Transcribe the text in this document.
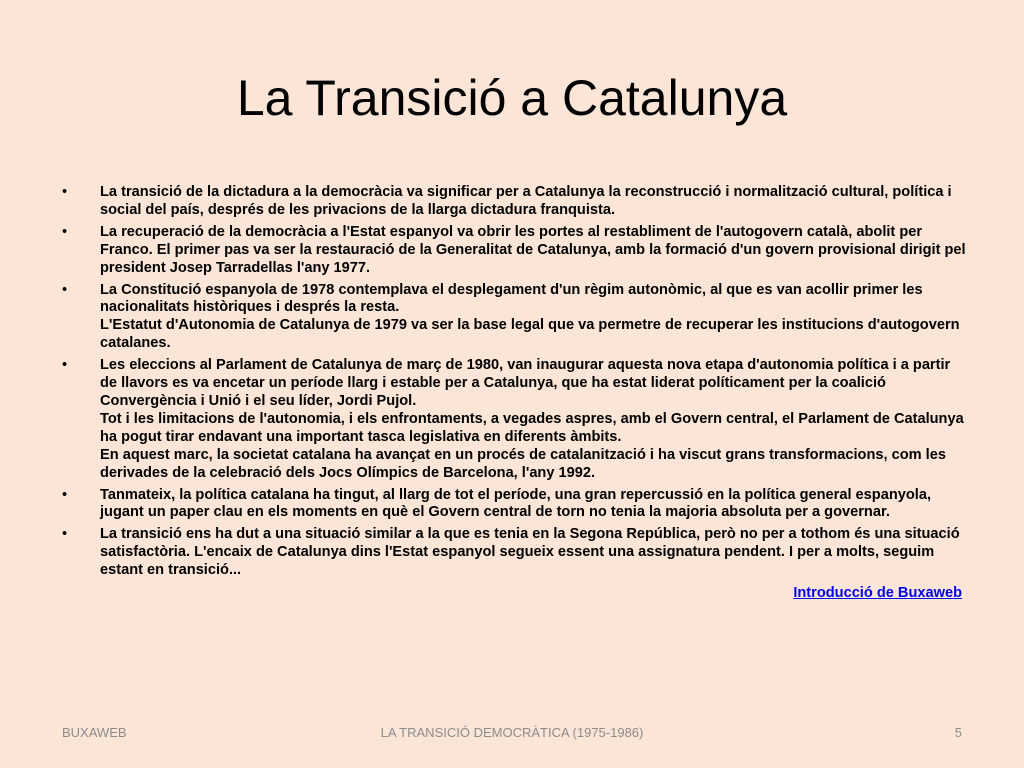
La Transició a Catalunya
• La transició de la dictadura a la democràcia va significar per a Catalunya la reconstrucció i normalització cultural, política i social del país, després de les privacions de la llarga dictadura franquista.
• La recuperació de la democràcia a l'Estat espanyol va obrir les portes al restabliment de l'autogovern català, abolit per Franco. El primer pas va ser la restauració de la Generalitat de Catalunya, amb la formació d'un govern provisional dirigit pel president Josep Tarradellas l'any 1977.
• La Constitució espanyola de 1978 contemplava el desplegament d'un règim autonòmic, al que es van acollir primer les nacionalitats històriques i després la resta.
L'Estatut d'Autonomia de Catalunya de 1979 va ser la base legal que va permetre de recuperar les institucions d'autogovern catalanes.
• Les eleccions al Parlament de Catalunya de març de 1980, van inaugurar aquesta nova etapa d'autonomia política i a partir de llavors es va encetar un període llarg i estable per a Catalunya, que ha estat liderat políticament per la coalició Convergència i Unió i el seu líder, Jordi Pujol.
Tot i les limitacions de l'autonomia, i els enfrontaments, a vegades aspres, amb el Govern central, el Parlament de Catalunya ha pogut tirar endavant una important tasca legislativa en diferents àmbits.
En aquest marc, la societat catalana ha avançat en un procés de catalanització i ha viscut grans transformacions, com les derivades de la celebració dels Jocs Olímpics de Barcelona, l'any 1992.
• Tanmateix, la política catalana ha tingut, al llarg de tot el període, una gran repercussió en la política general espanyola, jugant un paper clau en els moments en què el Govern central de torn no tenia la majoria absoluta per a governar.
• La transició ens ha dut a una situació similar a la que es tenia en la Segona República, però no per a tothom és una situació satisfactòria. L'encaix de Catalunya dins l'Estat espanyol segueix essent una assignatura pendent. I per a molts, seguim estant en transició...
Introducció de Buxaweb
BUXAWEB	LA TRANSICIÓ DEMOCRÀTICA (1975-1986)	5
